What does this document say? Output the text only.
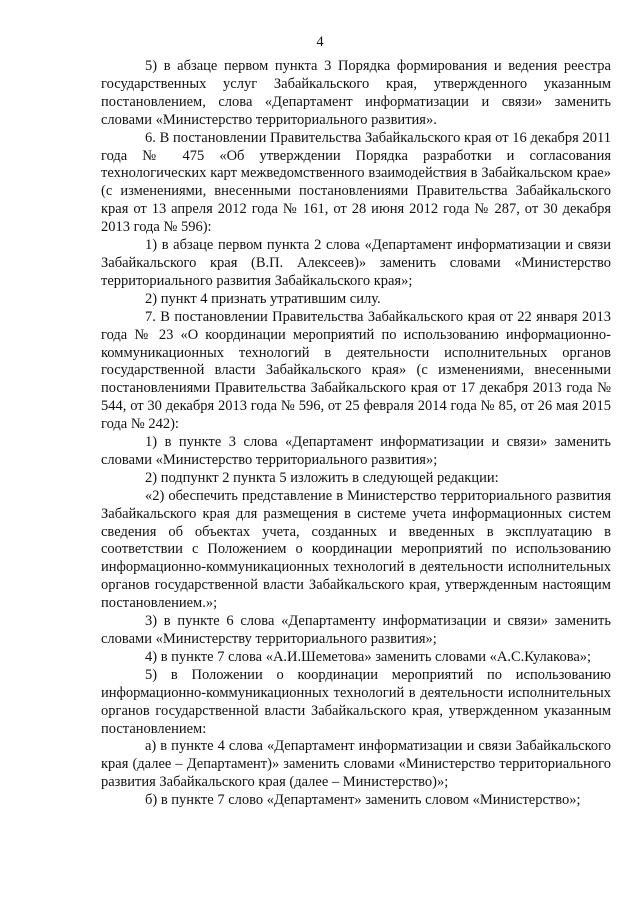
4

5) в абзаце первом пункта 3 Порядка формирования и ведения реестра государственных услуг Забайкальского края, утвержденного указанным постановлением, слова «Департамент информатизации и связи» заменить словами «Министерство территориального развития».

6. В постановлении Правительства Забайкальского края от 16 декабря 2011 года № 475 «Об утверждении Порядка разработки и согласования технологических карт межведомственного взаимодействия в Забайкальском крае» (с изменениями, внесенными постановлениями Правительства Забайкальского края от 13 апреля 2012 года № 161, от 28 июня 2012 года № 287, от 30 декабря 2013 года № 596):

1) в абзаце первом пункта 2 слова «Департамент информатизации и связи Забайкальского края (В.П. Алексеев)» заменить словами «Министерство территориального развития Забайкальского края»;

2) пункт 4 признать утратившим силу.

7. В постановлении Правительства Забайкальского края от 22 января 2013 года № 23 «О координации мероприятий по использованию информационно-коммуникационных технологий в деятельности исполнительных органов государственной власти Забайкальского края» (с изменениями, внесенными постановлениями Правительства Забайкальского края от 17 декабря 2013 года № 544, от 30 декабря 2013 года № 596, от 25 февраля 2014 года № 85, от 26 мая 2015 года № 242):

1) в пункте 3 слова «Департамент информатизации и связи» заменить словами «Министерство территориального развития»;

2) подпункт 2 пункта 5 изложить в следующей редакции:

«2) обеспечить представление в Министерство территориального развития Забайкальского края для размещения в системе учета информационных систем сведения об объектах учета, созданных и введенных в эксплуатацию в соответствии с Положением о координации мероприятий по использованию информационно-коммуникационных технологий в деятельности исполнительных органов государственной власти Забайкальского края, утвержденным настоящим постановлением.»;

3) в пункте 6 слова «Департаменту информатизации и связи» заменить словами «Министерству территориального развития»;

4) в пункте 7 слова «А.И.Шеметова» заменить словами «А.С.Кулакова»;

5) в Положении о координации мероприятий по использованию информационно-коммуникационных технологий в деятельности исполнительных органов государственной власти Забайкальского края, утвержденном указанным постановлением:

а) в пункте 4 слова «Департамент информатизации и связи Забайкальского края (далее – Департамент)» заменить словами «Министерство территориального развития Забайкальского края (далее – Министерство)»;

б) в пункте 7 слово «Департамент» заменить словом «Министерство»;
